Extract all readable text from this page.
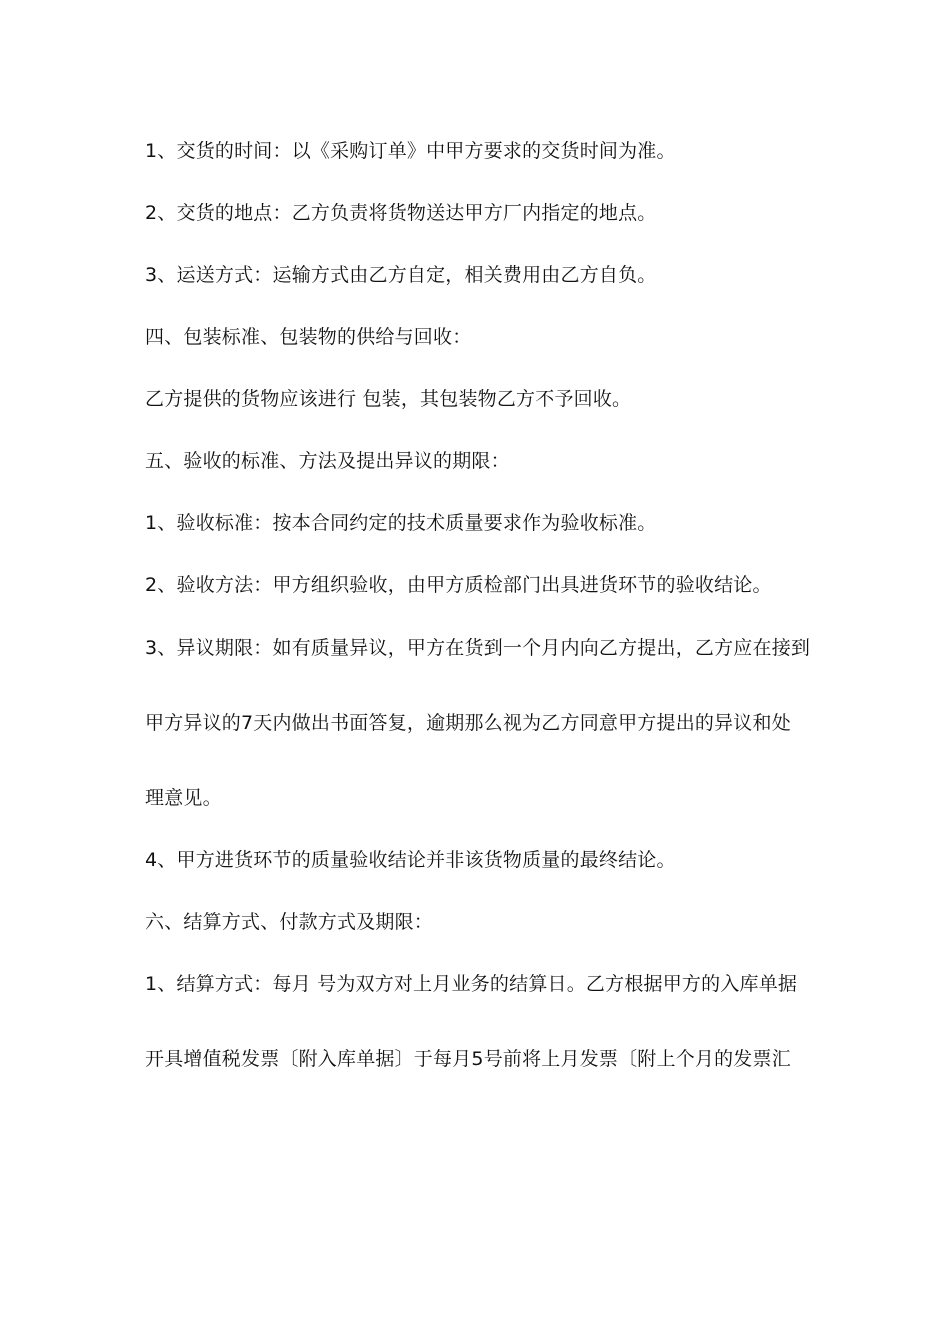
1、交货的时间：以《采购订单》中甲方要求的交货时间为准。
2、交货的地点：乙方负责将货物送达甲方厂内指定的地点。
3、运送方式：运输方式由乙方自定，相关费用由乙方自负。
四、包装标准、包装物的供给与回收：
乙方提供的货物应该进行 包装，其包装物乙方不予回收。
五、验收的标准、方法及提出异议的期限：
1、验收标准：按本合同约定的技术质量要求作为验收标准。
2、验收方法：甲方组织验收，由甲方质检部门出具进货环节的验收结论。
3、异议期限：如有质量异议，甲方在货到一个月内向乙方提出，乙方应在接到
甲方异议的7天内做出书面答复，逾期那么视为乙方同意甲方提出的异议和处
理意见。
4、甲方进货环节的质量验收结论并非该货物质量的最终结论。
六、结算方式、付款方式及期限：
1、结算方式：每月 号为双方对上月业务的结算日。乙方根据甲方的入库单据
开具增值税发票〔附入库单据〕于每月5号前将上月发票〔附上个月的发票汇
